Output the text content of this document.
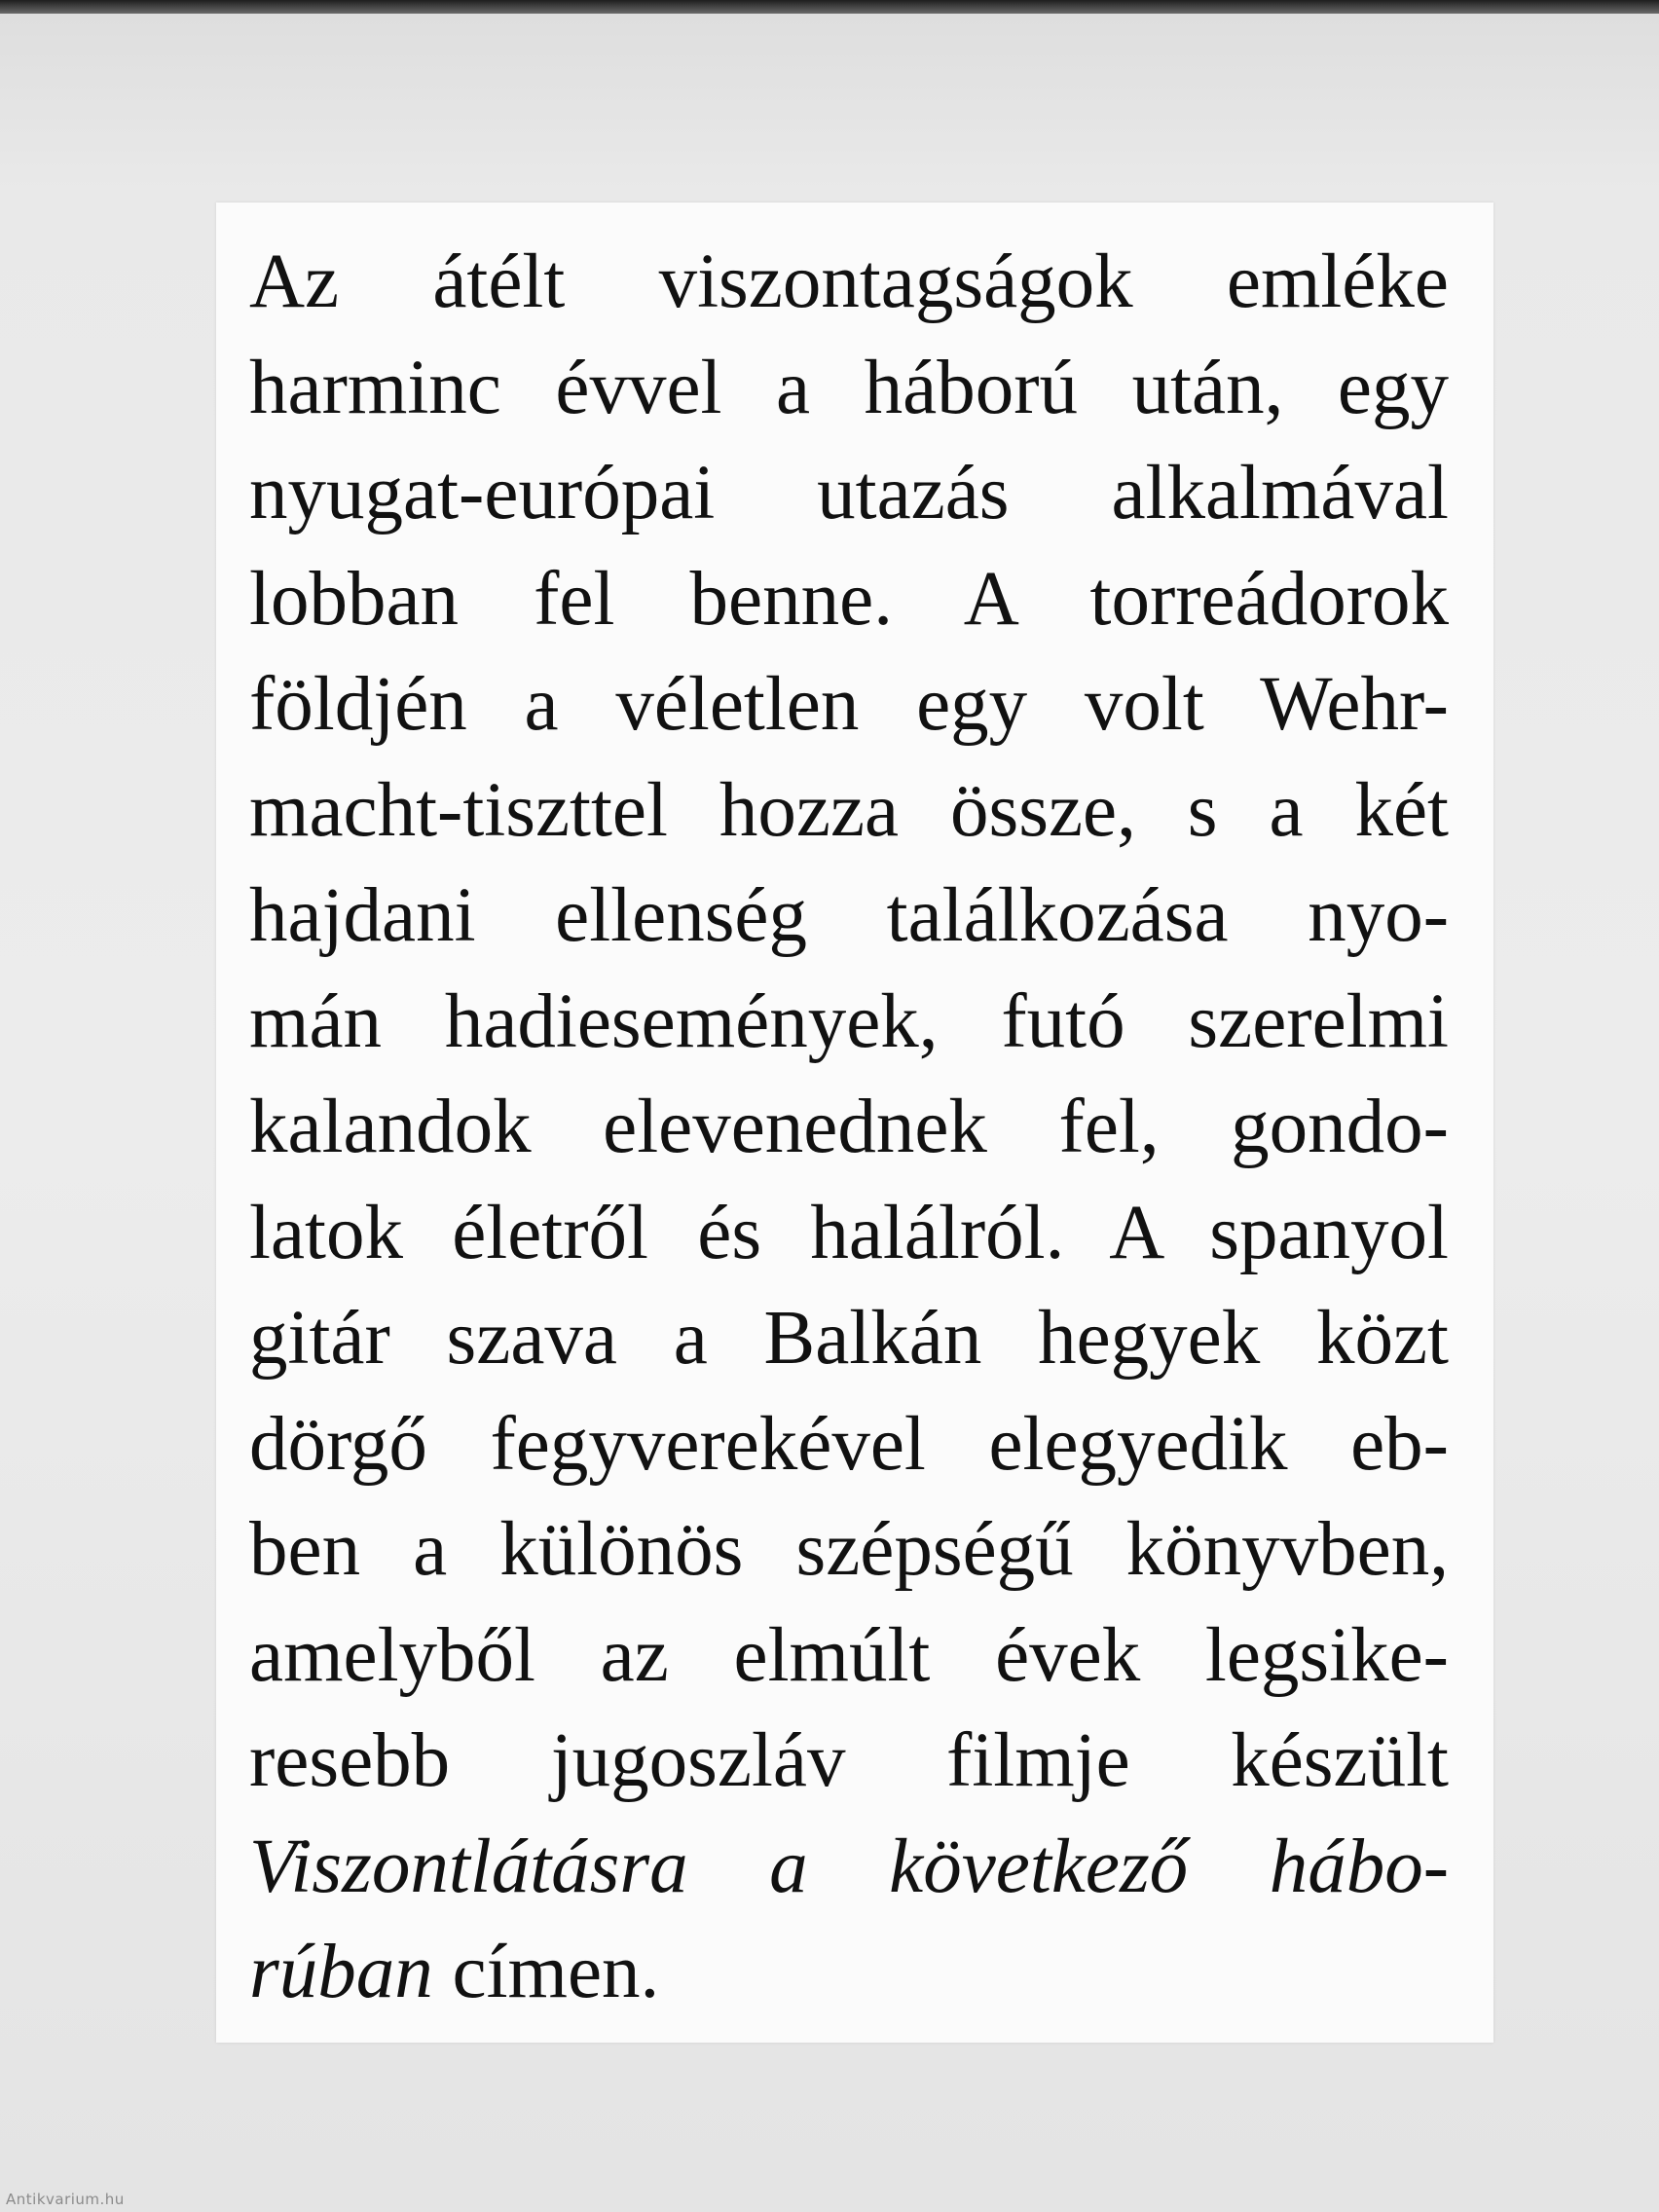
Az átélt viszontagságok emléke
harminc évvel a háború után, egy
nyugat-európai utazás alkalmával
lobban fel benne. A torreádorok
földjén a véletlen egy volt Wehr-
macht-tiszttel hozza össze, s a két
hajdani ellenség találkozása nyo-
mán hadiesemények, futó szerelmi
kalandok elevenednek fel, gondo-
latok életről és halálról. A spanyol
gitár szava a Balkán hegyek közt
dörgő fegyverekével elegyedik eb-
ben a különös szépségű könyvben,
amelyből az elmúlt évek legsike-
resebb jugoszláv filmje készült
Viszontlátásra a következő hábo-
rúban címen.
Antikvarium.hu
